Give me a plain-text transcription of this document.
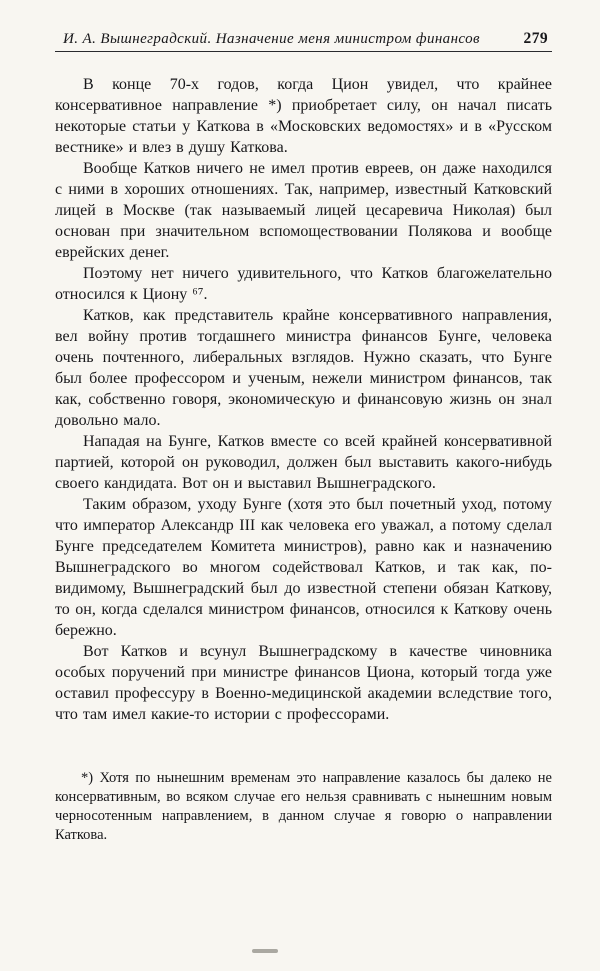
И. А. Вышнеградский. Назначение меня министром финансов	279

В конце 70-х годов, когда Цион увидел, что крайнее консервативное направление *) приобретает силу, он начал писать некоторые статьи у Каткова в «Московских ведомостях» и в «Русском вестнике» и влез в душу Каткова.

Вообще Катков ничего не имел против евреев, он даже находился с ними в хороших отношениях. Так, например, известный Катковский лицей в Москве (так называемый лицей цесаревича Николая) был основан при значительном вспомоществовании Полякова и вообще еврейских денег.

Поэтому нет ничего удивительного, что Катков благожелательно относился к Циону ⁶⁷.

Катков, как представитель крайне консервативного направления, вел войну против тогдашнего министра финансов Бунге, человека очень почтенного, либеральных взглядов. Нужно сказать, что Бунге был более профессором и ученым, нежели министром финансов, так как, собственно говоря, экономическую и финансовую жизнь он знал довольно мало.

Нападая на Бунге, Катков вместе со всей крайней консервативной партией, которой он руководил, должен был выставить какого-нибудь своего кандидата. Вот он и выставил Вышнеградского.

Таким образом, уходу Бунге (хотя это был почетный уход, потому что император Александр III как человека его уважал, а потому сделал Бунге председателем Комитета министров), равно как и назначению Вышнеградского во многом содействовал Катков, и так как, по-видимому, Вышнеградский был до известной степени обязан Каткову, то он, когда сделался министром финансов, относился к Каткову очень бережно.

Вот Катков и всунул Вышнеградскому в качестве чиновника особых поручений при министре финансов Циона, который тогда уже оставил профессуру в Военно-медицинской академии вследствие того, что там имел какие-то истории с профессорами.

*) Хотя по нынешним временам это направление казалось бы далеко не консервативным, во всяком случае его нельзя сравнивать с нынешним новым черносотенным направлением, в данном случае я говорю о направлении Каткова.
